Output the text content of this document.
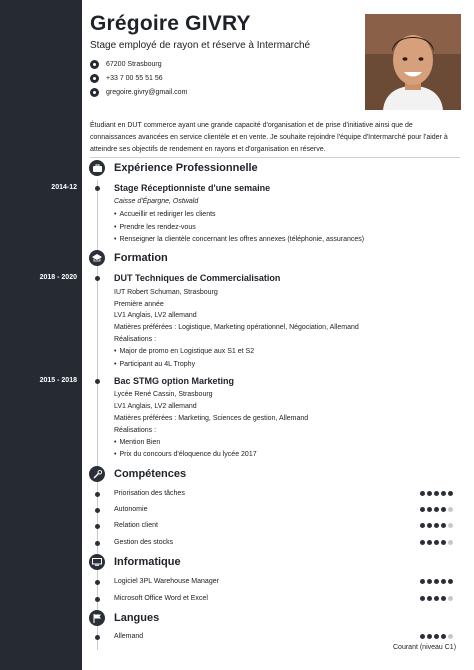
Grégoire GIVRY
Stage employé de rayon et réserve à Intermarché
67200 Strasbourg
+33 7 00 55 51 56
gregoire.givry@gmail.com
Étudiant en DUT commerce ayant une grande capacité d'organisation et de prise d'initiative ainsi que de connaissances avancées en service clientèle et en vente. Je souhaite rejoindre l'équipe d'Intermarché pour l'aider à atteindre ses objectifs de rendement en rayons et d'organisation en réserve.
Expérience Professionnelle
2014-12	Stage Réceptionniste d'une semaine
Caisse d'Épargne, Ostwald
• Accueillir et rediriger les clients
• Prendre les rendez-vous
• Renseigner la clientèle concernant les offres annexes (téléphonie, assurances)
Formation
2018 - 2020	DUT Techniques de Commercialisation
IUT Robert Schuman, Strasbourg
Première année
LV1 Anglais, LV2 allemand
Matières préférées : Logistique, Marketing opérationnel, Négociation, Allemand
Réalisations :
• Major de promo en Logistique aux S1 et S2
• Participant au 4L Trophy
2015 - 2018	Bac STMG option Marketing
Lycée René Cassin, Strasbourg
LV1 Anglais, LV2 allemand
Matières préférées : Marketing, Sciences de gestion, Allemand
Réalisations :
• Mention Bien
• Prix du concours d'éloquence du lycée 2017
Compétences
Priorisation des tâches
Autonomie
Relation client
Gestion des stocks
Informatique
Logiciel 3PL Warehouse Manager
Microsoft Office Word et Excel
Langues
Allemand
Courant (niveau C1)
